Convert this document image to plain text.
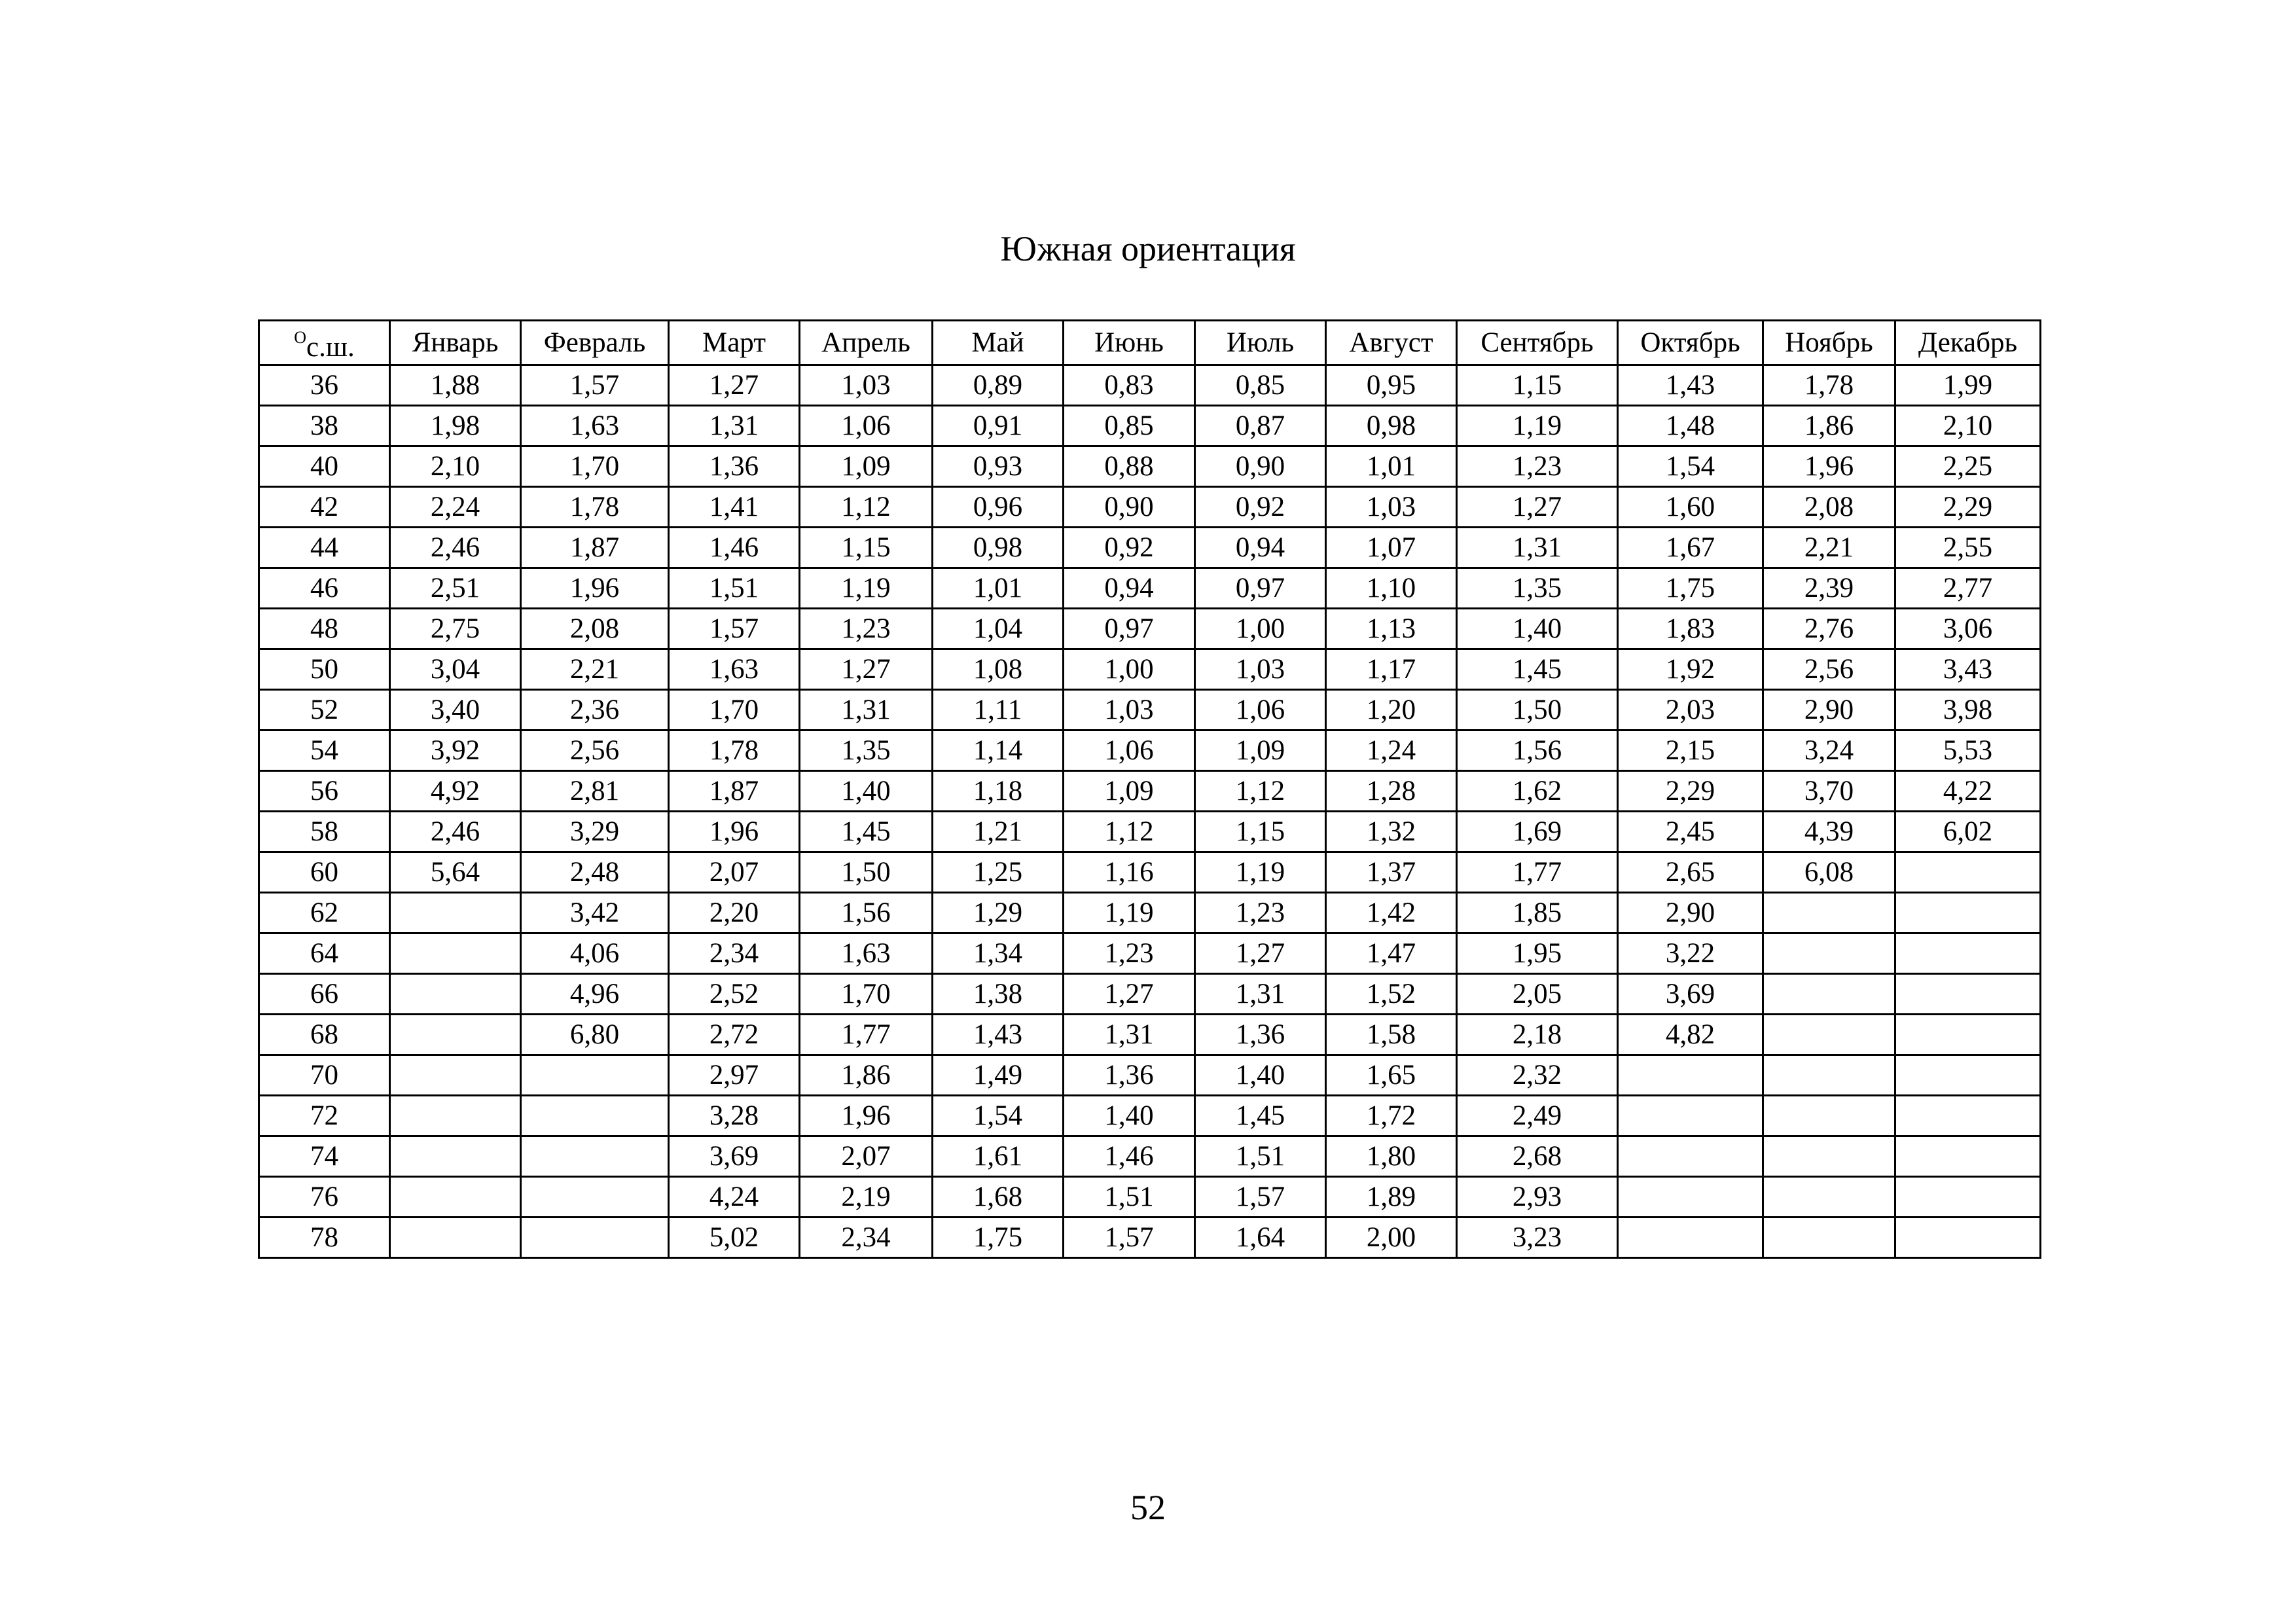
Южная ориентация
$^О$с.ш.	Январь	Февраль	Март	Апрель	Май	Июнь	Июль	Август	Сентябрь	Октябрь	Ноябрь	Декабрь
36	1,88	1,57	1,27	1,03	0,89	0,83	0,85	0,95	1,15	1,43	1,78	1,99
38	1,98	1,63	1,31	1,06	0,91	0,85	0,87	0,98	1,19	1,48	1,86	2,10
40	2,10	1,70	1,36	1,09	0,93	0,88	0,90	1,01	1,23	1,54	1,96	2,25
42	2,24	1,78	1,41	1,12	0,96	0,90	0,92	1,03	1,27	1,60	2,08	2,29
44	2,46	1,87	1,46	1,15	0,98	0,92	0,94	1,07	1,31	1,67	2,21	2,55
46	2,51	1,96	1,51	1,19	1,01	0,94	0,97	1,10	1,35	1,75	2,39	2,77
48	2,75	2,08	1,57	1,23	1,04	0,97	1,00	1,13	1,40	1,83	2,76	3,06
50	3,04	2,21	1,63	1,27	1,08	1,00	1,03	1,17	1,45	1,92	2,56	3,43
52	3,40	2,36	1,70	1,31	1,11	1,03	1,06	1,20	1,50	2,03	2,90	3,98
54	3,92	2,56	1,78	1,35	1,14	1,06	1,09	1,24	1,56	2,15	3,24	5,53
56	4,92	2,81	1,87	1,40	1,18	1,09	1,12	1,28	1,62	2,29	3,70	4,22
58	2,46	3,29	1,96	1,45	1,21	1,12	1,15	1,32	1,69	2,45	4,39	6,02
60	5,64	2,48	2,07	1,50	1,25	1,16	1,19	1,37	1,77	2,65	6,08	
62		3,42	2,20	1,56	1,29	1,19	1,23	1,42	1,85	2,90		
64		4,06	2,34	1,63	1,34	1,23	1,27	1,47	1,95	3,22		
66		4,96	2,52	1,70	1,38	1,27	1,31	1,52	2,05	3,69		
68		6,80	2,72	1,77	1,43	1,31	1,36	1,58	2,18	4,82		
70			2,97	1,86	1,49	1,36	1,40	1,65	2,32			
72			3,28	1,96	1,54	1,40	1,45	1,72	2,49			
74			3,69	2,07	1,61	1,46	1,51	1,80	2,68			
76			4,24	2,19	1,68	1,51	1,57	1,89	2,93			
78			5,02	2,34	1,75	1,57	1,64	2,00	3,23			
52
